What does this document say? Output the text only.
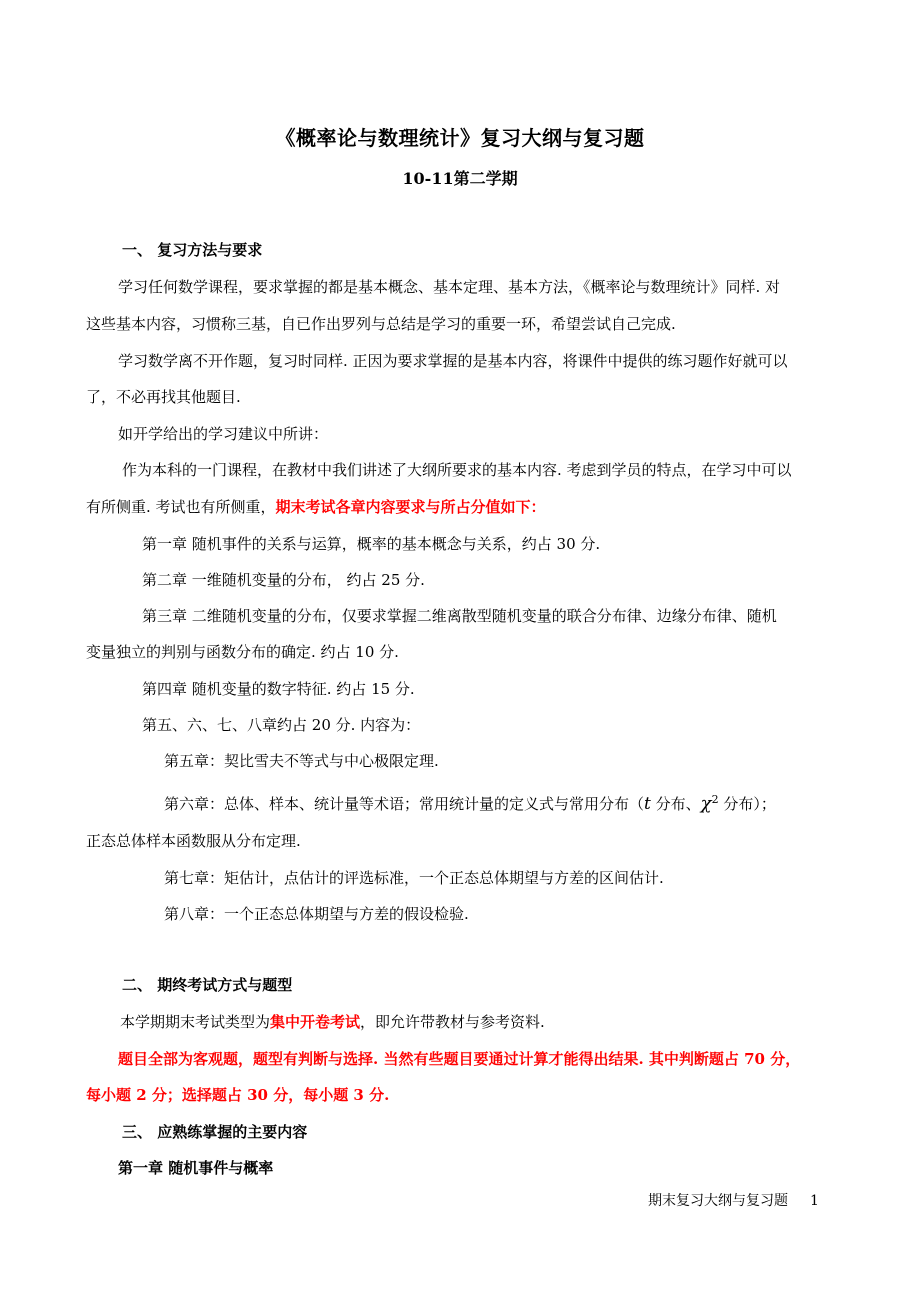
《概率论与数理统计》复习大纲与复习题
10-11第二学期
一、 复习方法与要求
学习任何数学课程，要求掌握的都是基本概念、基本定理、基本方法，《概率论与数理统计》同样. 对
这些基本内容，习惯称三基，自已作出罗列与总结是学习的重要一环，希望尝试自己完成.
学习数学离不开作题，复习时同样. 正因为要求掌握的是基本内容，将课件中提供的练习题作好就可以
了，不必再找其他题目.
如开学给出的学习建议中所讲：
作为本科的一门课程，在教材中我们讲述了大纲所要求的基本内容. 考虑到学员的特点，在学习中可以
有所侧重. 考试也有所侧重，期末考试各章内容要求与所占分值如下：
第一章 随机事件的关系与运算，概率的基本概念与关系，约占 30 分.
第二章 一维随机变量的分布， 约占 25 分.
第三章 二维随机变量的分布，仅要求掌握二维离散型随机变量的联合分布律、边缘分布律、随机
变量独立的判别与函数分布的确定. 约占 10 分.
第四章 随机变量的数字特征. 约占 15 分.
第五、六、七、八章约占 20 分. 内容为：
第五章：契比雪夫不等式与中心极限定理.
第六章：总体、样本、统计量等术语；常用统计量的定义式与常用分布（t 分布、$\chi^2$ 分布）；
正态总体样本函数服从分布定理.
第七章：矩估计，点估计的评选标准，一个正态总体期望与方差的区间估计.
第八章：一个正态总体期望与方差的假设检验.
二、 期终考试方式与题型
本学期期末考试类型为集中开卷考试，即允许带教材与参考资料.
题目全部为客观题，题型有判断与选择. 当然有些题目要通过计算才能得出结果. 其中判断题占 70 分，
每小题 2 分；选择题占 30 分，每小题 3 分.
三、 应熟练掌握的主要内容
第一章 随机事件与概率
期末复习大纲与复习题 1
